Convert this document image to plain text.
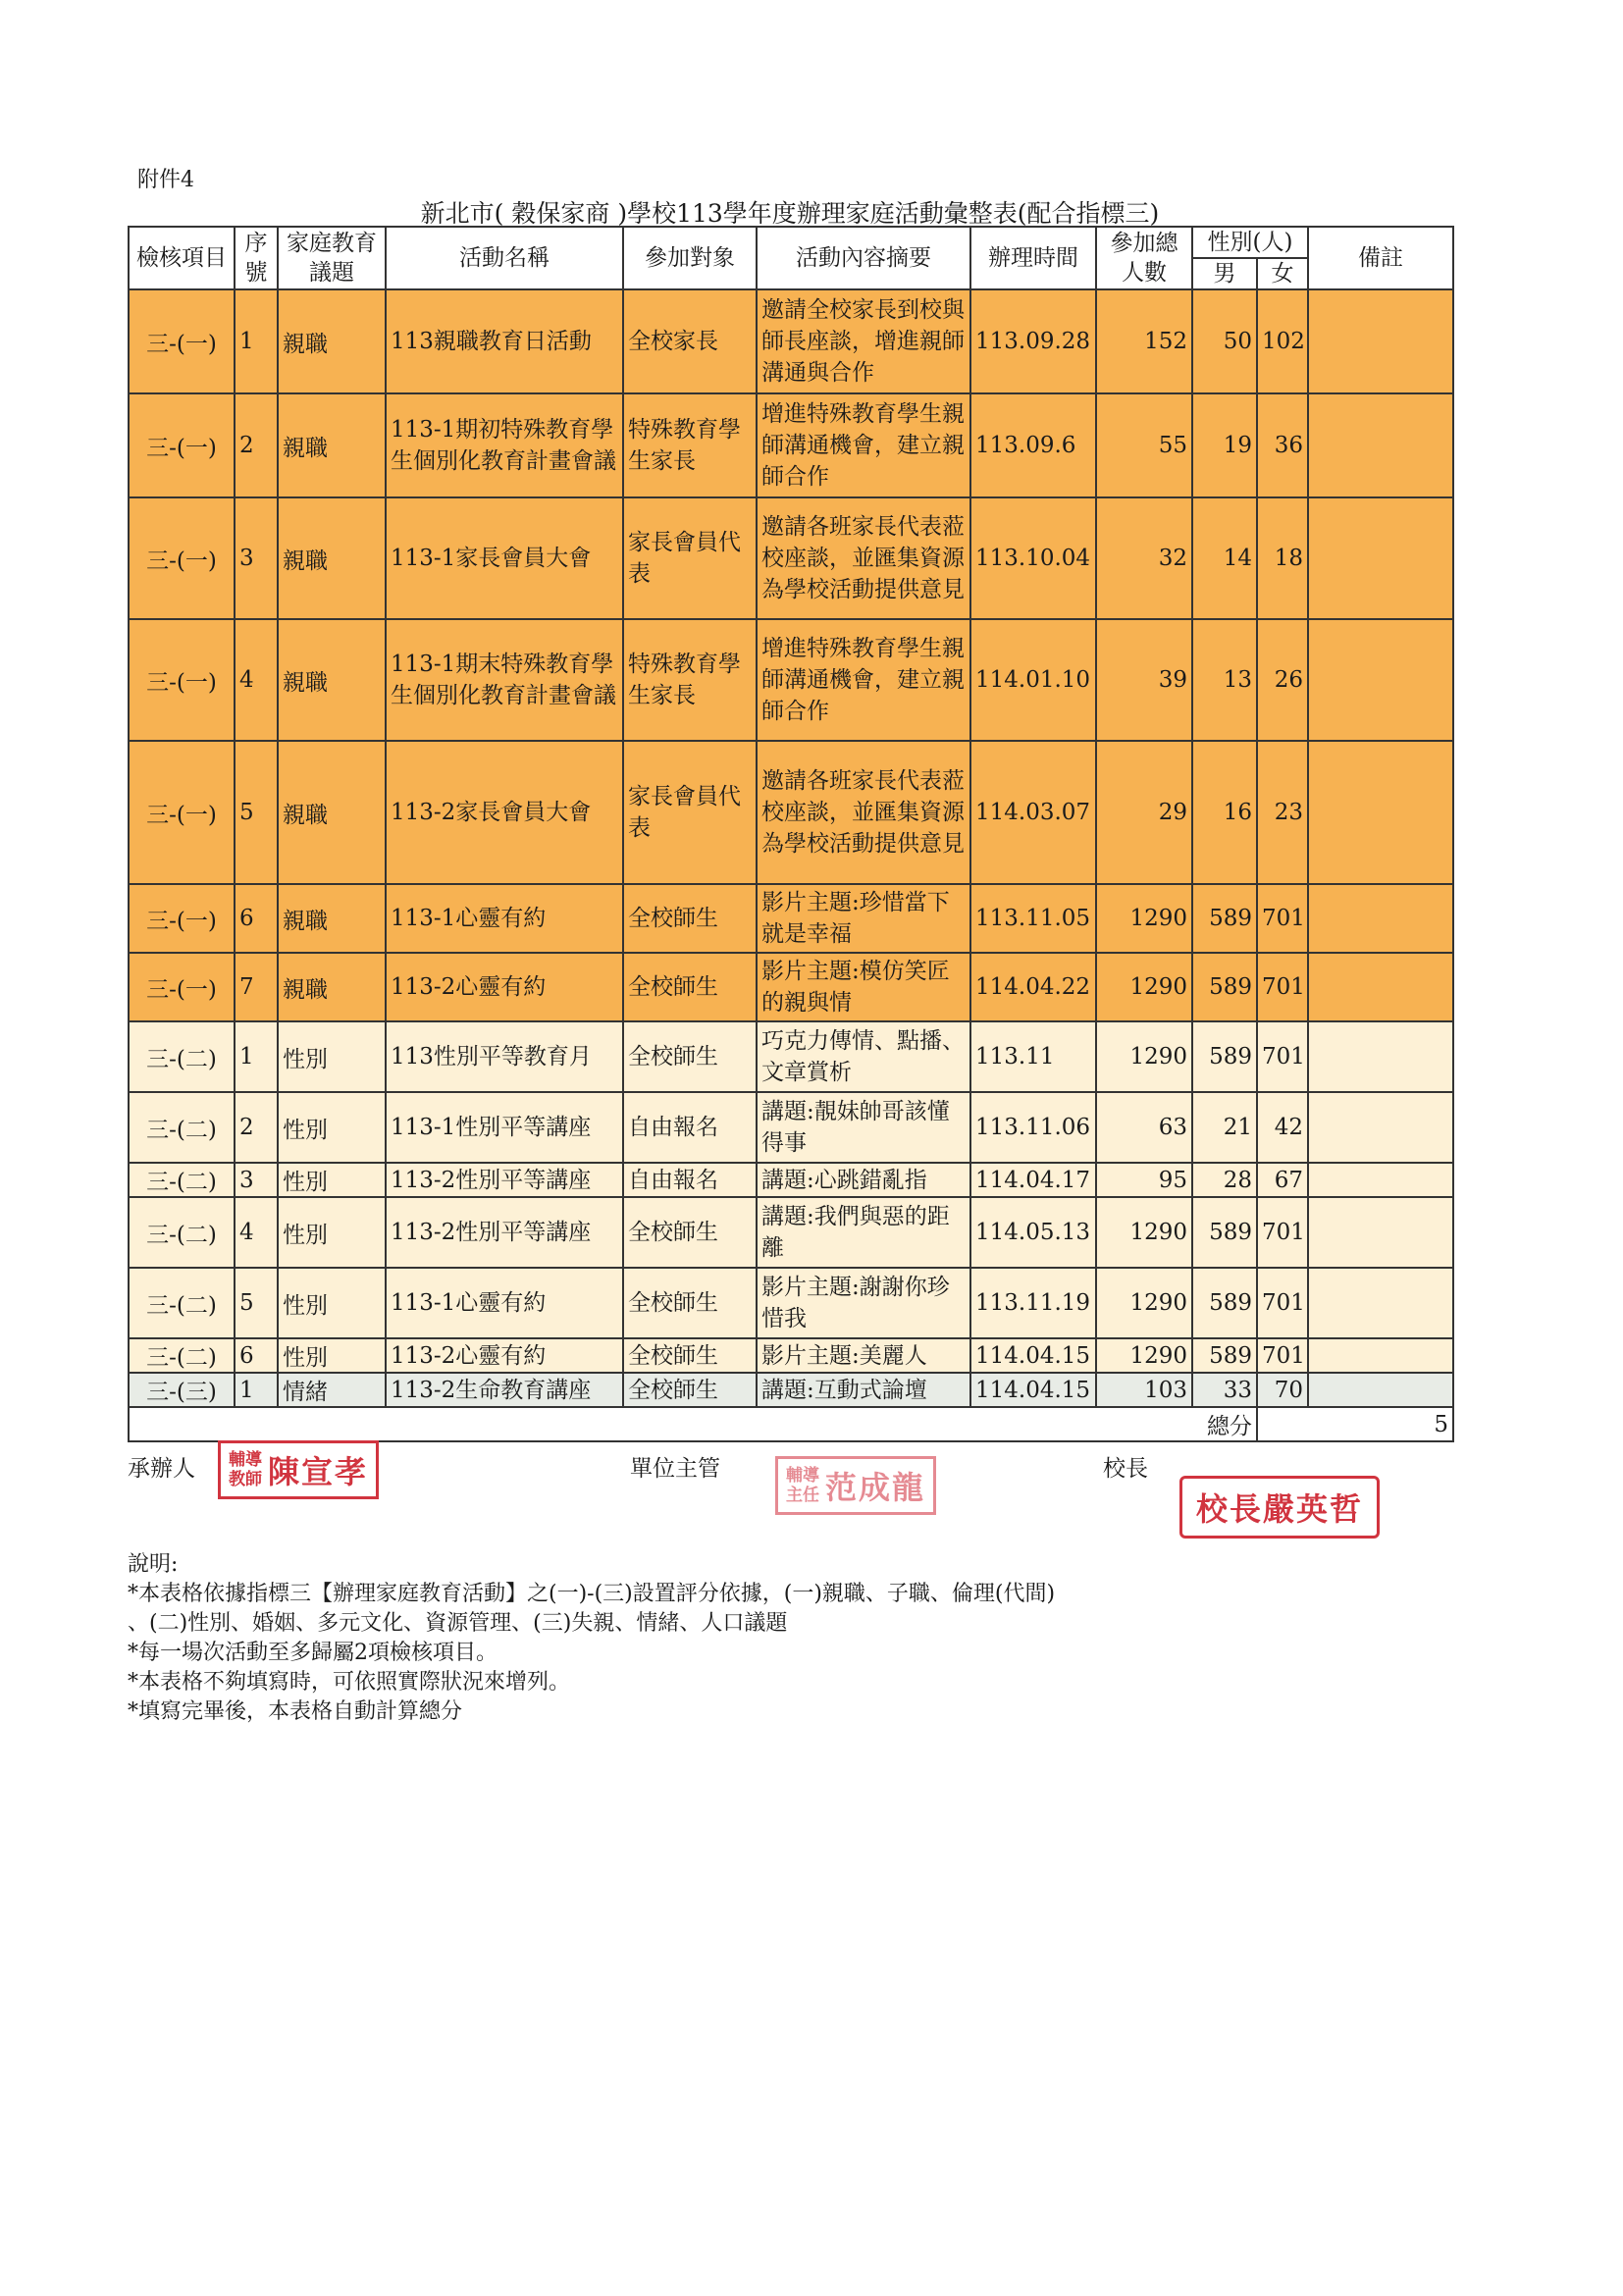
附件4
新北市( 穀保家商 )學校113學年度辦理家庭活動彙整表(配合指標三)
檢核項目	序號	家庭教育議題	活動名稱	參加對象	活動內容摘要	辦理時間	參加總人數	性別(人)		備註
								男	女	
三-(一)	1	親職	113親職教育日活動	全校家長	邀請全校家長到校與師長座談，增進親師溝通與合作	113.09.28	152	50	102	
三-(一)	2	親職	113-1期初特殊教育學生個別化教育計畫會議	特殊教育學生家長	增進特殊教育學生親師溝通機會，建立親師合作	113.09.6	55	19	36	
三-(一)	3	親職	113-1家長會員大會	家長會員代表	邀請各班家長代表蒞校座談，並匯集資源為學校活動提供意見	113.10.04	32	14	18	
三-(一)	4	親職	113-1期末特殊教育學生個別化教育計畫會議	特殊教育學生家長	增進特殊教育學生親師溝通機會，建立親師合作	114.01.10	39	13	26	
三-(一)	5	親職	113-2家長會員大會	家長會員代表	邀請各班家長代表蒞校座談，並匯集資源為學校活動提供意見	114.03.07	29	16	23	
三-(一)	6	親職	113-1心靈有約	全校師生	影片主題:珍惜當下就是幸福	113.11.05	1290	589	701	
三-(一)	7	親職	113-2心靈有約	全校師生	影片主題:模仿笑匠的親與情	114.04.22	1290	589	701	
三-(二)	1	性別	113性別平等教育月	全校師生	巧克力傳情、點播、文章賞析	113.11	1290	589	701	
三-(二)	2	性別	113-1性別平等講座	自由報名	講題:靚妹帥哥該懂得事	113.11.06	63	21	42	
三-(二)	3	性別	113-2性別平等講座	自由報名	講題:心跳錯亂指	114.04.17	95	28	67	
三-(二)	4	性別	113-2性別平等講座	全校師生	講題:我們與惡的距離	114.05.13	1290	589	701	
三-(二)	5	性別	113-1心靈有約	全校師生	影片主題:謝謝你珍惜我	113.11.19	1290	589	701	
三-(二)	6	性別	113-2心靈有約	全校師生	影片主題:美麗人	114.04.15	1290	589	701	
三-(三)	1	情緒	113-2生命教育講座	全校師生	講題:互動式論壇	114.04.15	103	33	70	
總分									5	
承辦人 輔 導
教 師 陳宣孝	單位主管	輔 導
主 任 范成龍	校長
校長嚴英哲
說明:
*本表格依據指標三【辦理家庭教育活動】之(一)-(三)設置評分依據，(一)親職、子職、倫理(代間)
、(二)性別、婚姻、多元文化、資源管理、(三)失親、情緒、人口議題
*每一場次活動至多歸屬2項檢核項目。
*本表格不夠填寫時，可依照實際狀況來增列。
*填寫完畢後，本表格自動計算總分
